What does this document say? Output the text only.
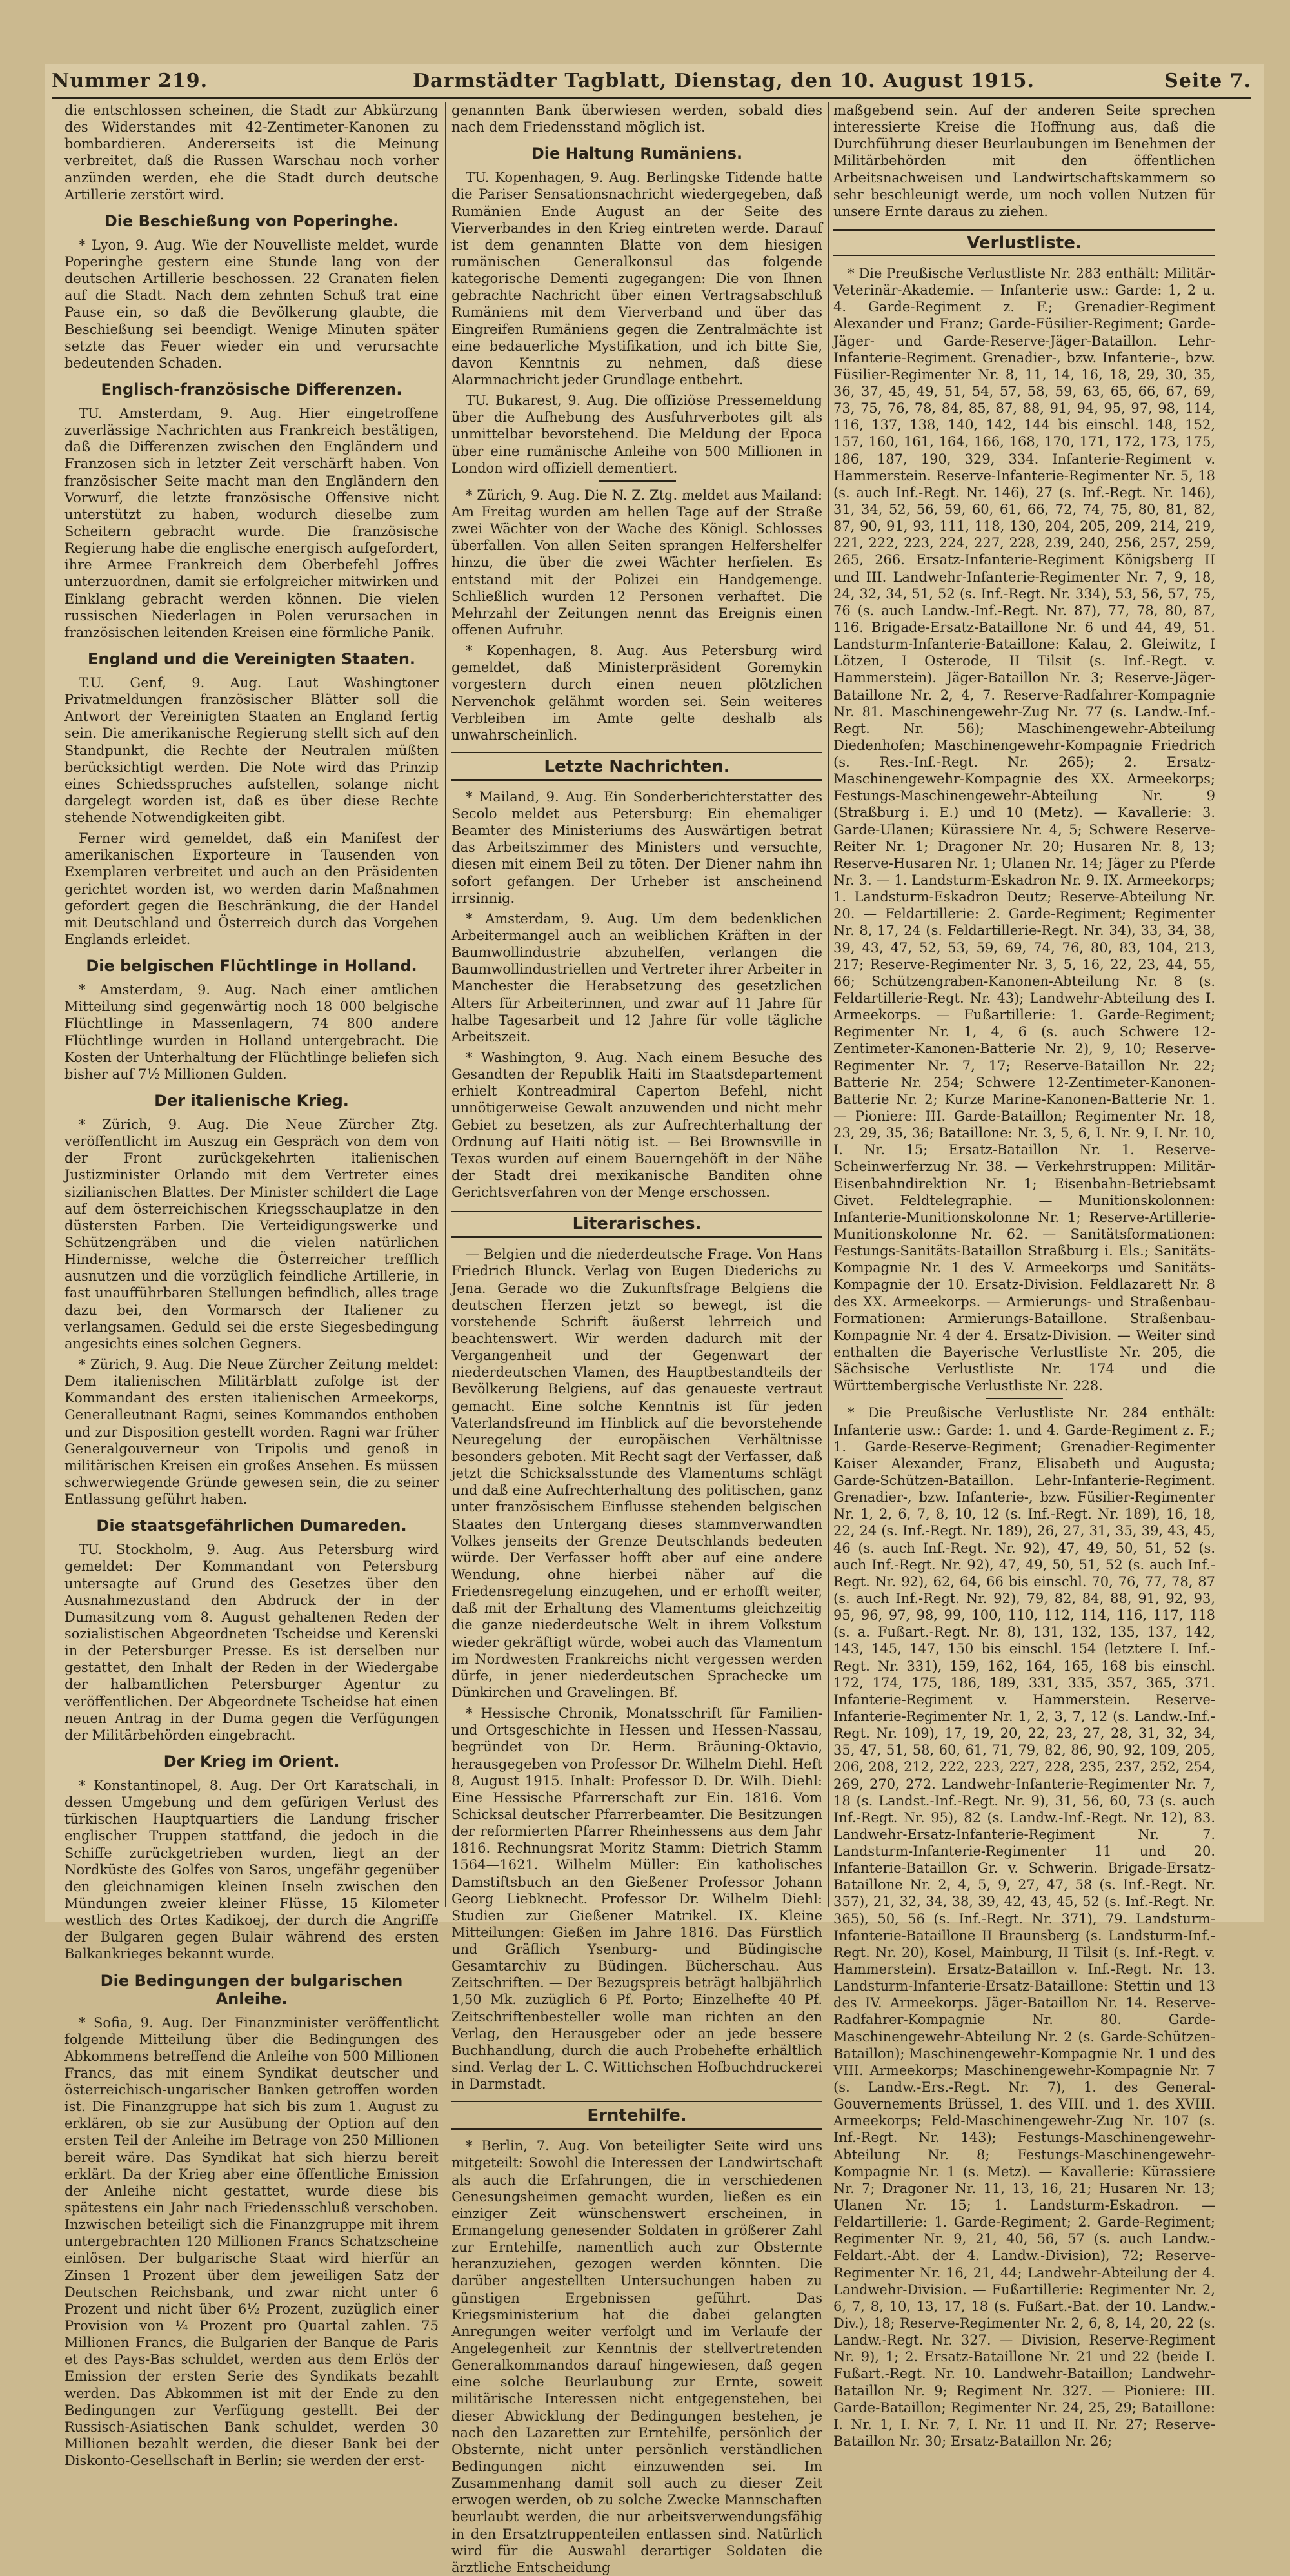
Nummer 219.	Darmstädter Tagblatt, Dienstag, den 10. August 1915.	Seite 7.

die entschlossen scheinen, die Stadt zur Abkürzung des Widerstandes mit 42-Zentimeter-Kanonen zu bombardieren. Andererseits ist die Meinung verbreitet, daß die Russen Warschau noch vorher anzünden werden, ehe die Stadt durch deutsche Artillerie zerstört wird.

Die Beschießung von Poperinghe.

* Lyon, 9. Aug. Wie der Nouvelliste meldet, wurde Poperinghe gestern eine Stunde lang von der deutschen Artillerie beschossen. 22 Granaten fielen auf die Stadt. Nach dem zehnten Schuß trat eine Pause ein, so daß die Bevölkerung glaubte, die Beschießung sei beendigt. Wenige Minuten später setzte das Feuer wieder ein und verursachte bedeutenden Schaden.

Englisch-französische Differenzen.

TU. Amsterdam, 9. Aug. Hier eingetroffene zuverlässige Nachrichten aus Frankreich bestätigen, daß die Differenzen zwischen den Engländern und Franzosen sich in letzter Zeit verschärft haben. Von französischer Seite macht man den Engländern den Vorwurf, die letzte französische Offensive nicht unterstützt zu haben, wodurch dieselbe zum Scheitern gebracht wurde. Die französische Regierung habe die englische energisch aufgefordert, ihre Armee Frankreich dem Oberbefehl Joffres unterzuordnen, damit sie erfolgreicher mitwirken und Einklang gebracht werden können. Die vielen russischen Niederlagen in Polen verursachen in französischen leitenden Kreisen eine förmliche Panik.

England und die Vereinigten Staaten.

T.U. Genf, 9. Aug. Laut Washingtoner Privatmeldungen französischer Blätter soll die Antwort der Vereinigten Staaten an England fertig sein. Die amerikanische Regierung stellt sich auf den Standpunkt, die Rechte der Neutralen müßten berücksichtigt werden. Die Note wird das Prinzip eines Schiedsspruches aufstellen, solange nicht dargelegt worden ist, daß es über diese Rechte stehende Notwendigkeiten gibt.

Ferner wird gemeldet, daß ein Manifest der amerikanischen Exporteure in Tausenden von Exemplaren verbreitet und auch an den Präsidenten gerichtet worden ist, wo werden darin Maßnahmen gefordert gegen die Beschränkung, die der Handel mit Deutschland und Österreich durch das Vorgehen Englands erleidet.

Die belgischen Flüchtlinge in Holland.

* Amsterdam, 9. Aug. Nach einer amtlichen Mitteilung sind gegenwärtig noch 18 000 belgische Flüchtlinge in Massenlagern, 74 800 andere Flüchtlinge wurden in Holland untergebracht. Die Kosten der Unterhaltung der Flüchtlinge beliefen sich bisher auf 7½ Millionen Gulden.

Der italienische Krieg.

* Zürich, 9. Aug. Die Neue Zürcher Ztg. veröffentlicht im Auszug ein Gespräch von dem von der Front zurückgekehrten italienischen Justizminister Orlando mit dem Vertreter eines sizilianischen Blattes. Der Minister schildert die Lage auf dem österreichischen Kriegsschauplatze in den düstersten Farben. Die Verteidigungswerke und Schützengräben und die vielen natürlichen Hindernisse, welche die Österreicher trefflich ausnutzen und die vorzüglich feindliche Artillerie, in fast unaufführbaren Stellungen befindlich, alles trage dazu bei, den Vormarsch der Italiener zu verlangsamen. Geduld sei die erste Siegesbedingung angesichts eines solchen Gegners.

* Zürich, 9. Aug. Die Neue Zürcher Zeitung meldet: Dem italienischen Militärblatt zufolge ist der Kommandant des ersten italienischen Armeekorps, Generalleutnant Ragni, seines Kommandos enthoben und zur Disposition gestellt worden. Ragni war früher Generalgouverneur von Tripolis und genoß in militärischen Kreisen ein großes Ansehen. Es müssen schwerwiegende Gründe gewesen sein, die zu seiner Entlassung geführt haben.

Die staatsgefährlichen Dumareden.

TU. Stockholm, 9. Aug. Aus Petersburg wird gemeldet: Der Kommandant von Petersburg untersagte auf Grund des Gesetzes über den Ausnahmezustand den Abdruck der in der Dumasitzung vom 8. August gehaltenen Reden der sozialistischen Abgeordneten Tscheidse und Kerenski in der Petersburger Presse. Es ist derselben nur gestattet, den Inhalt der Reden in der Wiedergabe der halbamtlichen Petersburger Agentur zu veröffentlichen. Der Abgeordnete Tscheidse hat einen neuen Antrag in der Duma gegen die Verfügungen der Militärbehörden eingebracht.

Der Krieg im Orient.

* Konstantinopel, 8. Aug. Der Ort Karatschali, in dessen Umgebung und dem gefürigen Verlust des türkischen Hauptquartiers die Landung frischer englischer Truppen stattfand, die jedoch in die Schiffe zurückgetrieben wurden, liegt an der Nordküste des Golfes von Saros, ungefähr gegenüber den gleichnamigen kleinen Inseln zwischen den Mündungen zweier kleiner Flüsse, 15 Kilometer westlich des Ortes Kadikoej, der durch die Angriffe der Bulgaren gegen Bulair während des ersten Balkankrieges bekannt wurde.

Die Bedingungen der bulgarischen Anleihe.

* Sofia, 9. Aug. Der Finanzminister veröffentlicht folgende Mitteilung über die Bedingungen des Abkommens betreffend die Anleihe von 500 Millionen Francs, das mit einem Syndikat deutscher und österreichisch-ungarischer Banken getroffen worden ist. Die Finanzgruppe hat sich bis zum 1. August zu erklären, ob sie zur Ausübung der Option auf den ersten Teil der Anleihe im Betrage von 250 Millionen bereit wäre. Das Syndikat hat sich hierzu bereit erklärt. Da der Krieg aber eine öffentliche Emission der Anleihe nicht gestattet, wurde diese bis spätestens ein Jahr nach Friedensschluß verschoben. Inzwischen beteiligt sich die Finanzgruppe mit ihrem untergebrachten 120 Millionen Francs Schatzscheine einlösen. Der bulgarische Staat wird hierfür an Zinsen 1 Prozent über dem jeweiligen Satz der Deutschen Reichsbank, und zwar nicht unter 6 Prozent und nicht über 6½ Prozent, zuzüglich einer Provision von ¼ Prozent pro Quartal zahlen. 75 Millionen Francs, die Bulgarien der Banque de Paris et des Pays-Bas schuldet, werden aus dem Erlös der Emission der ersten Serie des Syndikats bezahlt werden. Das Abkommen ist mit der Ende zu den Bedingungen zur Verfügung gestellt. Bei der Russisch-Asiatischen Bank schuldet, werden 30 Millionen bezahlt werden, die dieser Bank bei der Diskonto-Gesellschaft in Berlin; sie werden der erst-

genannten Bank überwiesen werden, sobald dies nach dem Friedensstand möglich ist.

Die Haltung Rumäniens.

TU. Kopenhagen, 9. Aug. Berlingske Tidende hatte die Pariser Sensationsnachricht wiedergegeben, daß Rumänien Ende August an der Seite des Vierverbandes in den Krieg eintreten werde. Darauf ist dem genannten Blatte von dem hiesigen rumänischen Generalkonsul das folgende kategorische Dementi zugegangen: Die von Ihnen gebrachte Nachricht über einen Vertragsabschluß Rumäniens mit dem Vierverband und über das Eingreifen Rumäniens gegen die Zentralmächte ist eine bedauerliche Mystifikation, und ich bitte Sie, davon Kenntnis zu nehmen, daß diese Alarmnachricht jeder Grundlage entbehrt.

TU. Bukarest, 9. Aug. Die offiziöse Pressemeldung über die Aufhebung des Ausfuhrverbotes gilt als unmittelbar bevorstehend. Die Meldung der Epoca über eine rumänische Anleihe von 500 Millionen in London wird offiziell dementiert.

* Zürich, 9. Aug. Die N. Z. Ztg. meldet aus Mailand: Am Freitag wurden am hellen Tage auf der Straße zwei Wächter von der Wache des Königl. Schlosses überfallen. Von allen Seiten sprangen Helfershelfer hinzu, die über die zwei Wächter herfielen. Es entstand mit der Polizei ein Handgemenge. Schließlich wurden 12 Personen verhaftet. Die Mehrzahl der Zeitungen nennt das Ereignis einen offenen Aufruhr.

* Kopenhagen, 8. Aug. Aus Petersburg wird gemeldet, daß Ministerpräsident Goremykin vorgestern durch einen neuen plötzlichen Nervenchok gelähmt worden sei. Sein weiteres Verbleiben im Amte gelte deshalb als unwahrscheinlich.

Letzte Nachrichten.

* Mailand, 9. Aug. Ein Sonderberichterstatter des Secolo meldet aus Petersburg: Ein ehemaliger Beamter des Ministeriums des Auswärtigen betrat das Arbeitszimmer des Ministers und versuchte, diesen mit einem Beil zu töten. Der Diener nahm ihn sofort gefangen. Der Urheber ist anscheinend irrsinnig.

* Amsterdam, 9. Aug. Um dem bedenklichen Arbeitermangel auch an weiblichen Kräften in der Baumwollindustrie abzuhelfen, verlangen die Baumwollindustriellen und Vertreter ihrer Arbeiter in Manchester die Herabsetzung des gesetzlichen Alters für Arbeiterinnen, und zwar auf 11 Jahre für halbe Tagesarbeit und 12 Jahre für volle tägliche Arbeitszeit.

* Washington, 9. Aug. Nach einem Besuche des Gesandten der Republik Haiti im Staatsdepartement erhielt Kontreadmiral Caperton Befehl, nicht unnötigerweise Gewalt anzuwenden und nicht mehr Gebiet zu besetzen, als zur Aufrechterhaltung der Ordnung auf Haiti nötig ist. — Bei Brownsville in Texas wurden auf einem Bauerngehöft in der Nähe der Stadt drei mexikanische Banditen ohne Gerichtsverfahren von der Menge erschossen.

Literarisches.

— Belgien und die niederdeutsche Frage. Von Hans Friedrich Blunck. Verlag von Eugen Diederichs zu Jena. Gerade wo die Zukunftsfrage Belgiens die deutschen Herzen jetzt so bewegt, ist die vorstehende Schrift äußerst lehrreich und beachtenswert. Wir werden dadurch mit der Vergangenheit und der Gegenwart der niederdeutschen Vlamen, des Hauptbestandteils der Bevölkerung Belgiens, auf das genaueste vertraut gemacht. Eine solche Kenntnis ist für jeden Vaterlandsfreund im Hinblick auf die bevorstehende Neuregelung der europäischen Verhältnisse besonders geboten. Mit Recht sagt der Verfasser, daß jetzt die Schicksalsstunde des Vlamentums schlägt und daß eine Aufrechterhaltung des politischen, ganz unter französischem Einflusse stehenden belgischen Staates den Untergang dieses stammverwandten Volkes jenseits der Grenze Deutschlands bedeuten würde. Der Verfasser hofft aber auf eine andere Wendung, ohne hierbei näher auf die Friedensregelung einzugehen, und er erhofft weiter, daß mit der Erhaltung des Vlamentums gleichzeitig die ganze niederdeutsche Welt in ihrem Volkstum wieder gekräftigt würde, wobei auch das Vlamentum im Nordwesten Frankreichs nicht vergessen werden dürfe, in jener niederdeutschen Sprachecke um Dünkirchen und Gravelingen. Bf.

* Hessische Chronik, Monatsschrift für Familien- und Ortsgeschichte in Hessen und Hessen-Nassau, begründet von Dr. Herm. Bräuning-Oktavio, herausgegeben von Professor Dr. Wilhelm Diehl. Heft 8, August 1915. Inhalt: Professor D. Dr. Wilh. Diehl: Eine Hessische Pfarrerschaft zur Ein. 1816. Vom Schicksal deutscher Pfarrerbeamter. Die Besitzungen der reformierten Pfarrer Rheinhessens aus dem Jahr 1816. Rechnungsrat Moritz Stamm: Dietrich Stamm 1564—1621. Wilhelm Müller: Ein katholisches Damstiftsbuch an den Gießener Professor Johann Georg Liebknecht. Professor Dr. Wilhelm Diehl: Studien zur Gießener Matrikel. IX. Kleine Mitteilungen: Gießen im Jahre 1816. Das Fürstlich und Gräflich Ysenburg- und Büdingische Gesamtarchiv zu Büdingen. Bücherschau. Aus Zeitschriften. — Der Bezugspreis beträgt halbjährlich 1,50 Mk. zuzüglich 6 Pf. Porto; Einzelhefte 40 Pf. Zeitschriftenbesteller wolle man richten an den Verlag, den Herausgeber oder an jede bessere Buchhandlung, durch die auch Probehefte erhältlich sind. Verlag der L. C. Wittichschen Hofbuchdruckerei in Darmstadt.

Erntehilfe.

* Berlin, 7. Aug. Von beteiligter Seite wird uns mitgeteilt: Sowohl die Interessen der Landwirtschaft als auch die Erfahrungen, die in verschiedenen Genesungsheimen gemacht wurden, ließen es ein einziger Zeit wünschenswert erscheinen, in Ermangelung genesender Soldaten in größerer Zahl zur Erntehilfe, namentlich auch zur Obsternte heranzuziehen, gezogen werden könnten. Die darüber angestellten Untersuchungen haben zu günstigen Ergebnissen geführt. Das Kriegsministerium hat die dabei gelangten Anregungen weiter verfolgt und im Verlaufe der Angelegenheit zur Kenntnis der stellvertretenden Generalkommandos darauf hingewiesen, daß gegen eine solche Beurlaubung zur Ernte, soweit militärische Interessen nicht entgegenstehen, bei dieser Abwicklung der Bedingungen bestehen, je nach den Lazaretten zur Erntehilfe, persönlich der Obsternte, nicht unter persönlich verständlichen Bedingungen nicht einzuwenden sei. Im Zusammenhang damit soll auch zu dieser Zeit erwogen werden, ob zu solche Zwecke Mannschaften beurlaubt werden, die nur arbeitsverwendungsfähig in den Ersatztruppenteilen entlassen sind. Natürlich wird für die Auswahl derartiger Soldaten die ärztliche Entscheidung

maßgebend sein. Auf der anderen Seite sprechen interessierte Kreise die Hoffnung aus, daß die Durchführung dieser Beurlaubungen im Benehmen der Militärbehörden mit den öffentlichen Arbeitsnachweisen und Landwirtschaftskammern so sehr beschleunigt werde, um noch vollen Nutzen für unsere Ernte daraus zu ziehen.

Verlustliste.

* Die Preußische Verlustliste Nr. 283 enthält: Militär-Veterinär-Akademie. — Infanterie usw.: Garde: 1, 2 u. 4. Garde-Regiment z. F.; Grenadier-Regiment Alexander und Franz; Garde-Füsilier-Regiment; Garde-Jäger- und Garde-Reserve-Jäger-Bataillon. Lehr-Infanterie-Regiment. Grenadier-, bzw. Infanterie-, bzw. Füsilier-Regimenter Nr. 8, 11, 14, 16, 18, 29, 30, 35, 36, 37, 45, 49, 51, 54, 57, 58, 59, 63, 65, 66, 67, 69, 73, 75, 76, 78, 84, 85, 87, 88, 91, 94, 95, 97, 98, 114, 116, 137, 138, 140, 142, 144 bis einschl. 148, 152, 157, 160, 161, 164, 166, 168, 170, 171, 172, 173, 175, 186, 187, 190, 329, 334. Infanterie-Regiment v. Hammerstein. Reserve-Infanterie-Regimenter Nr. 5, 18 (s. auch Inf.-Regt. Nr. 146), 27 (s. Inf.-Regt. Nr. 146), 31, 34, 52, 56, 59, 60, 61, 66, 72, 74, 75, 80, 81, 82, 87, 90, 91, 93, 111, 118, 130, 204, 205, 209, 214, 219, 221, 222, 223, 224, 227, 228, 239, 240, 256, 257, 259, 265, 266. Ersatz-Infanterie-Regiment Königsberg II und III. Landwehr-Infanterie-Regimenter Nr. 7, 9, 18, 24, 32, 34, 51, 52 (s. Inf.-Regt. Nr. 334), 53, 56, 57, 75, 76 (s. auch Landw.-Inf.-Regt. Nr. 87), 77, 78, 80, 87, 116. Brigade-Ersatz-Bataillone Nr. 6 und 44, 49, 51. Landsturm-Infanterie-Bataillone: Kalau, 2. Gleiwitz, I Lötzen, I Osterode, II Tilsit (s. Inf.-Regt. v. Hammerstein). Jäger-Bataillon Nr. 3; Reserve-Jäger-Bataillone Nr. 2, 4, 7. Reserve-Radfahrer-Kompagnie Nr. 81. Maschinengewehr-Zug Nr. 77 (s. Landw.-Inf.-Regt. Nr. 56); Maschinengewehr-Abteilung Diedenhofen; Maschinengewehr-Kompagnie Friedrich (s. Res.-Inf.-Regt. Nr. 265); 2. Ersatz-Maschinengewehr-Kompagnie des XX. Armeekorps; Festungs-Maschinengewehr-Abteilung Nr. 9 (Straßburg i. E.) und 10 (Metz). — Kavallerie: 3. Garde-Ulanen; Kürassiere Nr. 4, 5; Schwere Reserve-Reiter Nr. 1; Dragoner Nr. 20; Husaren Nr. 8, 13; Reserve-Husaren Nr. 1; Ulanen Nr. 14; Jäger zu Pferde Nr. 3. — 1. Landsturm-Eskadron Nr. 9. IX. Armeekorps; 1. Landsturm-Eskadron Deutz; Reserve-Abteilung Nr. 20. — Feldartillerie: 2. Garde-Regiment; Regimenter Nr. 8, 17, 24 (s. Feldartillerie-Regt. Nr. 34), 33, 34, 38, 39, 43, 47, 52, 53, 59, 69, 74, 76, 80, 83, 104, 213, 217; Reserve-Regimenter Nr. 3, 5, 16, 22, 23, 44, 55, 66; Schützengraben-Kanonen-Abteilung Nr. 8 (s. Feldartillerie-Regt. Nr. 43); Landwehr-Abteilung des I. Armeekorps. — Fußartillerie: 1. Garde-Regiment; Regimenter Nr. 1, 4, 6 (s. auch Schwere 12-Zentimeter-Kanonen-Batterie Nr. 2), 9, 10; Reserve-Regimenter Nr. 7, 17; Reserve-Bataillon Nr. 22; Batterie Nr. 254; Schwere 12-Zentimeter-Kanonen-Batterie Nr. 2; Kurze Marine-Kanonen-Batterie Nr. 1. — Pioniere: III. Garde-Bataillon; Regimenter Nr. 18, 23, 29, 35, 36; Bataillone: Nr. 3, 5, 6, I. Nr. 9, I. Nr. 10, I. Nr. 15; Ersatz-Bataillon Nr. 1. Reserve-Scheinwerferzug Nr. 38. — Verkehrstruppen: Militär-Eisenbahndirektion Nr. 1; Eisenbahn-Betriebsamt Givet. Feldtelegraphie. — Munitionskolonnen: Infanterie-Munitionskolonne Nr. 1; Reserve-Artillerie-Munitionskolonne Nr. 62. — Sanitätsformationen: Festungs-Sanitäts-Bataillon Straßburg i. Els.; Sanitäts-Kompagnie Nr. 1 des V. Armeekorps und Sanitäts-Kompagnie der 10. Ersatz-Division. Feldlazarett Nr. 8 des XX. Armeekorps. — Armierungs- und Straßenbau-Formationen: Armierungs-Bataillone. Straßenbau-Kompagnie Nr. 4 der 4. Ersatz-Division. — Weiter sind enthalten die Bayerische Verlustliste Nr. 205, die Sächsische Verlustliste Nr. 174 und die Württembergische Verlustliste Nr. 228.

* Die Preußische Verlustliste Nr. 284 enthält: Infanterie usw.: Garde: 1. und 4. Garde-Regiment z. F.; 1. Garde-Reserve-Regiment; Grenadier-Regimenter Kaiser Alexander, Franz, Elisabeth und Augusta; Garde-Schützen-Bataillon. Lehr-Infanterie-Regiment. Grenadier-, bzw. Infanterie-, bzw. Füsilier-Regimenter Nr. 1, 2, 6, 7, 8, 10, 12 (s. Inf.-Regt. Nr. 189), 16, 18, 22, 24 (s. Inf.-Regt. Nr. 189), 26, 27, 31, 35, 39, 43, 45, 46 (s. auch Inf.-Regt. Nr. 92), 47, 49, 50, 51, 52 (s. auch Inf.-Regt. Nr. 92), 47, 49, 50, 51, 52 (s. auch Inf.-Regt. Nr. 92), 62, 64, 66 bis einschl. 70, 76, 77, 78, 87 (s. auch Inf.-Regt. Nr. 92), 79, 82, 84, 88, 91, 92, 93, 95, 96, 97, 98, 99, 100, 110, 112, 114, 116, 117, 118 (s. a. Fußart.-Regt. Nr. 8), 131, 132, 135, 137, 142, 143, 145, 147, 150 bis einschl. 154 (letztere I. Inf.-Regt. Nr. 331), 159, 162, 164, 165, 168 bis einschl. 172, 174, 175, 186, 189, 331, 335, 357, 365, 371. Infanterie-Regiment v. Hammerstein. Reserve-Infanterie-Regimenter Nr. 1, 2, 3, 7, 12 (s. Landw.-Inf.-Regt. Nr. 109), 17, 19, 20, 22, 23, 27, 28, 31, 32, 34, 35, 47, 51, 58, 60, 61, 71, 79, 82, 86, 90, 92, 109, 205, 206, 208, 212, 222, 223, 227, 228, 235, 237, 252, 254, 269, 270, 272. Landwehr-Infanterie-Regimenter Nr. 7, 18 (s. Landst.-Inf.-Regt. Nr. 9), 31, 56, 60, 73 (s. auch Inf.-Regt. Nr. 95), 82 (s. Landw.-Inf.-Regt. Nr. 12), 83. Landwehr-Ersatz-Infanterie-Regiment Nr. 7. Landsturm-Infanterie-Regimenter 11 und 20. Infanterie-Bataillon Gr. v. Schwerin. Brigade-Ersatz-Bataillone Nr. 2, 4, 5, 9, 27, 47, 58 (s. Inf.-Regt. Nr. 357), 21, 32, 34, 38, 39, 42, 43, 45, 52 (s. Inf.-Regt. Nr. 365), 50, 56 (s. Inf.-Regt. Nr. 371), 79. Landsturm-Infanterie-Bataillone II Braunsberg (s. Landsturm-Inf.-Regt. Nr. 20), Kosel, Mainburg, II Tilsit (s. Inf.-Regt. v. Hammerstein). Ersatz-Bataillon v. Inf.-Regt. Nr. 13. Landsturm-Infanterie-Ersatz-Bataillone: Stettin und 13 des IV. Armeekorps. Jäger-Bataillon Nr. 14. Reserve-Radfahrer-Kompagnie Nr. 80. Garde-Maschinengewehr-Abteilung Nr. 2 (s. Garde-Schützen-Bataillon); Maschinengewehr-Kompagnie Nr. 1 und des VIII. Armeekorps; Maschinengewehr-Kompagnie Nr. 7 (s. Landw.-Ers.-Regt. Nr. 7), 1. des General-Gouvernements Brüssel, 1. des VIII. und 1. des XVIII. Armeekorps; Feld-Maschinengewehr-Zug Nr. 107 (s. Inf.-Regt. Nr. 143); Festungs-Maschinengewehr-Abteilung Nr. 8; Festungs-Maschinengewehr-Kompagnie Nr. 1 (s. Metz). — Kavallerie: Kürassiere Nr. 7; Dragoner Nr. 11, 13, 16, 21; Husaren Nr. 13; Ulanen Nr. 15; 1. Landsturm-Eskadron. — Feldartillerie: 1. Garde-Regiment; 2. Garde-Regiment; Regimenter Nr. 9, 21, 40, 56, 57 (s. auch Landw.-Feldart.-Abt. der 4. Landw.-Division), 72; Reserve-Regimenter Nr. 16, 21, 44; Landwehr-Abteilung der 4. Landwehr-Division. — Fußartillerie: Regimenter Nr. 2, 6, 7, 8, 10, 13, 17, 18 (s. Fußart.-Bat. der 10. Landw.-Div.), 18; Reserve-Regimenter Nr. 2, 6, 8, 14, 20, 22 (s. Landw.-Regt. Nr. 327. — Division, Reserve-Regiment Nr. 9), 1; 2. Ersatz-Bataillone Nr. 21 und 22 (beide I. Fußart.-Regt. Nr. 10. Landwehr-Bataillon; Landwehr-Bataillon Nr. 9; Regiment Nr. 327. — Pioniere: III. Garde-Bataillon; Regimenter Nr. 24, 25, 29; Bataillone: I. Nr. 1, I. Nr. 7, I. Nr. 11 und II. Nr. 27; Reserve-Bataillon Nr. 30; Ersatz-Bataillon Nr. 26;
